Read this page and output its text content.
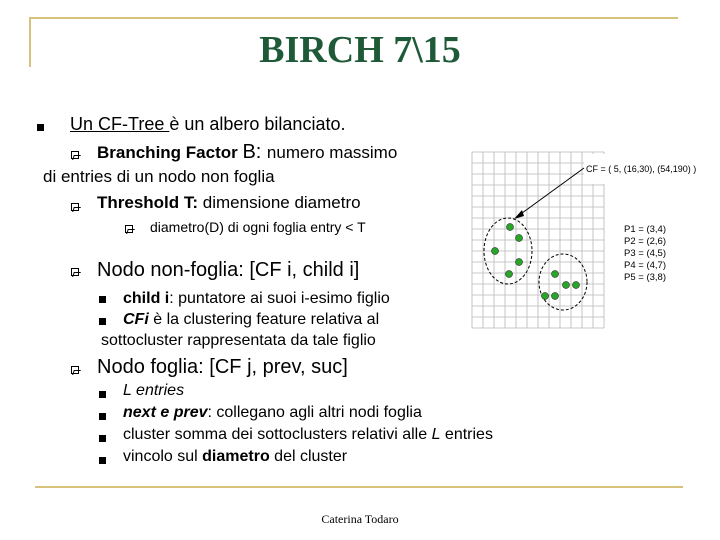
BIRCH 7\15
Un CF-Tree è un albero bilanciato.
Branching Factor B: numero massimo
di entries di un nodo non foglia
Threshold T: dimensione diametro
diametro(D) di ogni foglia entry < T
Nodo non-foglia: [CF i, child i]
child i: puntatore ai suoi i-esimo figlio
CFi è la clustering feature relativa al
sottocluster rappresentata da tale figlio
Nodo foglia: [CF j, prev, suc]
L entries
next e prev: collegano agli altri nodi foglia
cluster somma dei sottoclusters relativi alle L entries
vincolo sul diametro del cluster
CF = ( 5, (16,30), (54,190) )
P1 = (3,4)
P2 = (2,6)
P3 = (4,5)
P4 = (4,7)
P5 = (3,8)
Caterina Todaro
